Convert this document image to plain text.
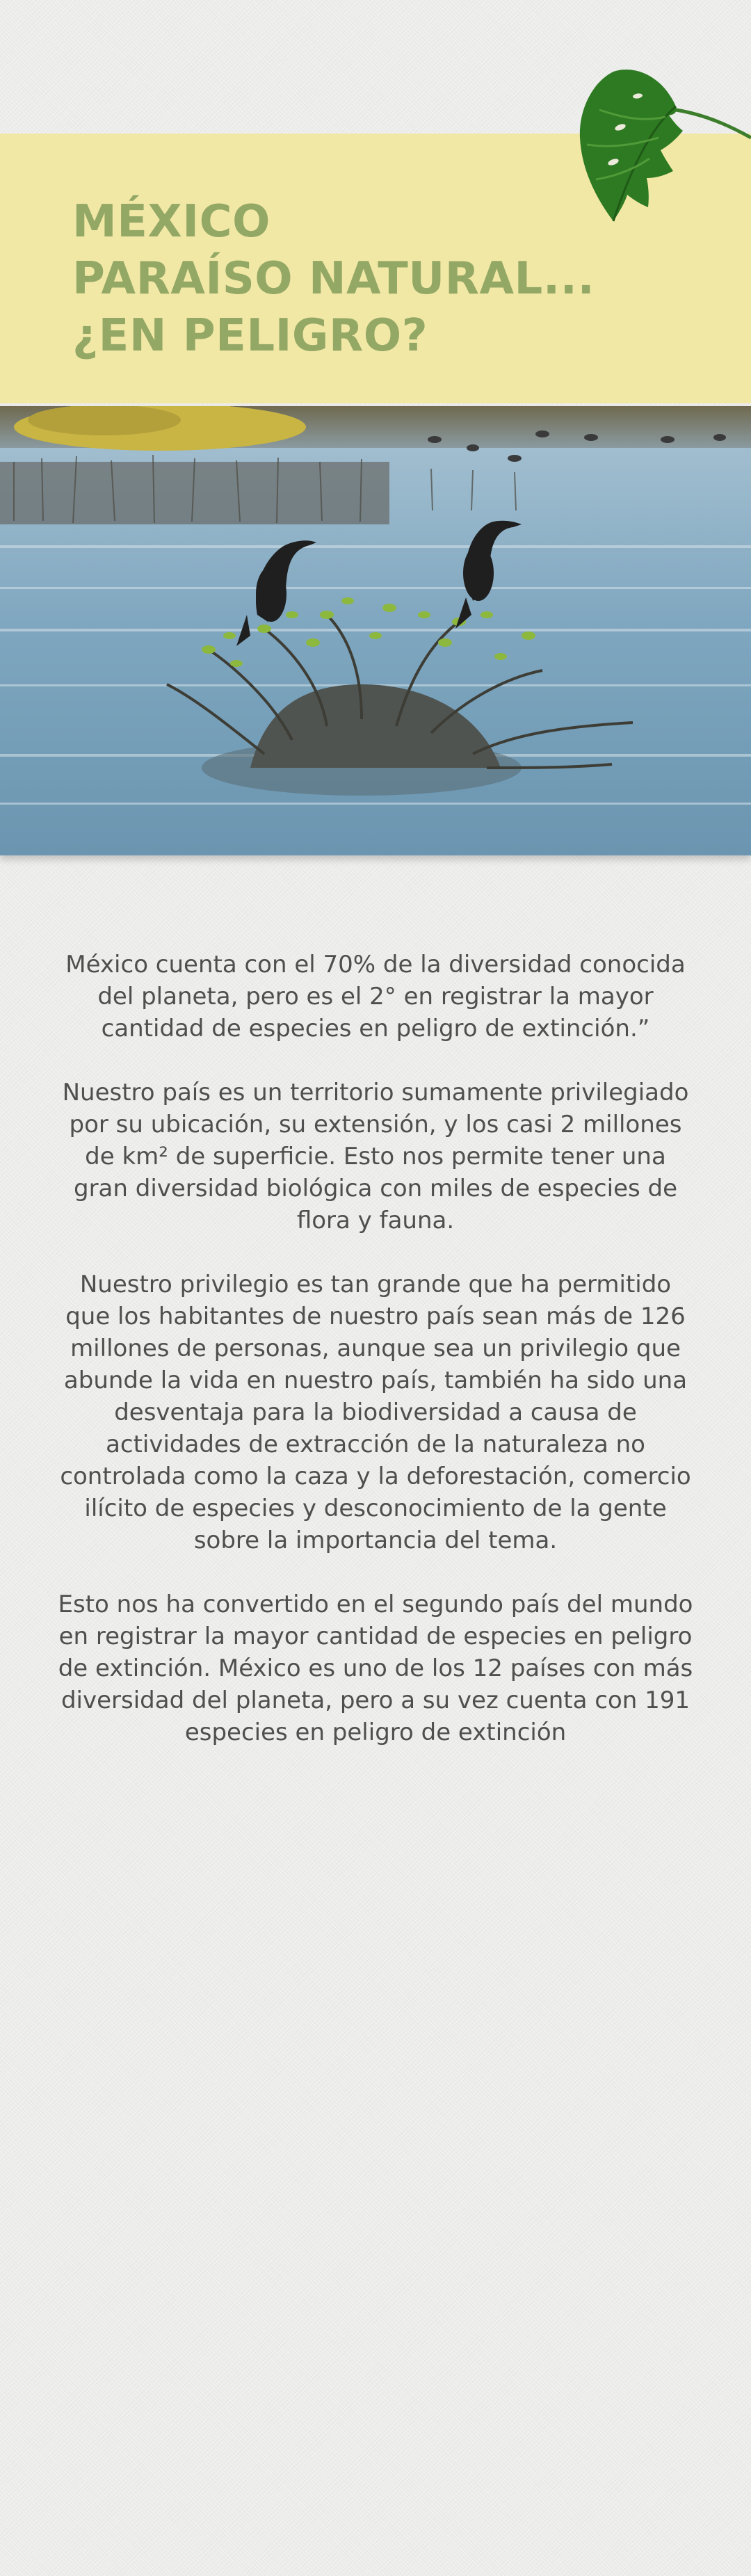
MÉXICO
PARAÍSO NATURAL...
¿EN PELIGRO?

México cuenta con el 70% de la diversidad conocida del planeta, pero es el 2° en registrar la mayor cantidad de especies en peligro de extinción.”

Nuestro país es un territorio sumamente privilegiado por su ubicación, su extensión, y los casi 2 millones de km² de superficie. Esto nos permite tener una gran diversidad biológica con miles de especies de flora y fauna.

Nuestro privilegio es tan grande que ha permitido que los habitantes de nuestro país sean más de 126 millones de personas, aunque sea un privilegio que abunde la vida en nuestro país, también ha sido una desventaja para la biodiversidad a causa de actividades de extracción de la naturaleza no controlada como la caza y la deforestación, comercio ilícito de especies y desconocimiento de la gente sobre la importancia del tema.

Esto nos ha convertido en el segundo país del mundo en registrar la mayor cantidad de especies en peligro de extinción. México es uno de los 12 países con más diversidad del planeta, pero a su vez cuenta con 191 especies en peligro de extinción
